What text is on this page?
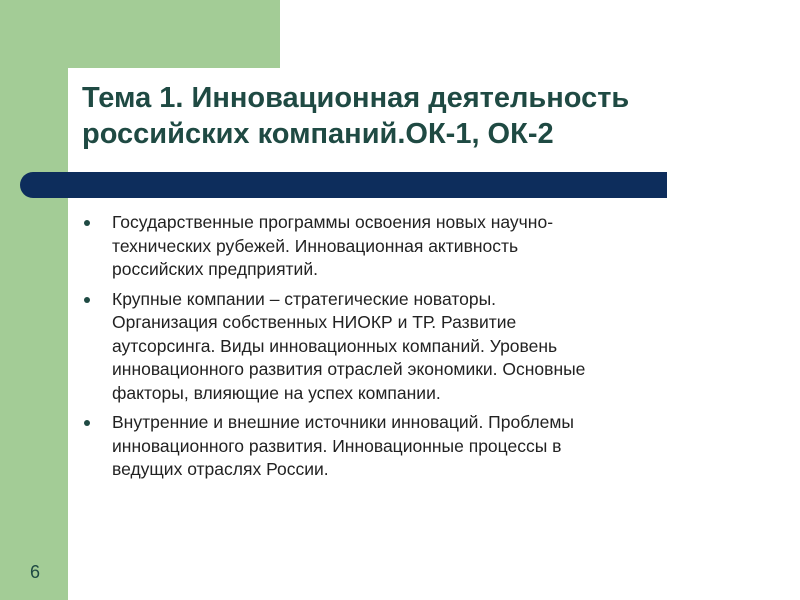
Тема 1. Инновационная деятельность
российских компаний.ОК-1, ОК-2
Государственные программы освоения новых научно-
технических рубежей. Инновационная активность
российских предприятий.
Крупные компании – стратегические новаторы.
Организация собственных НИОКР и ТР. Развитие
аутсорсинга. Виды инновационных компаний. Уровень
инновационного развития отраслей экономики. Основные
факторы, влияющие на успех компании.
Внутренние и внешние источники инноваций. Проблемы
инновационного развития. Инновационные процессы в
ведущих отраслях России.
6
